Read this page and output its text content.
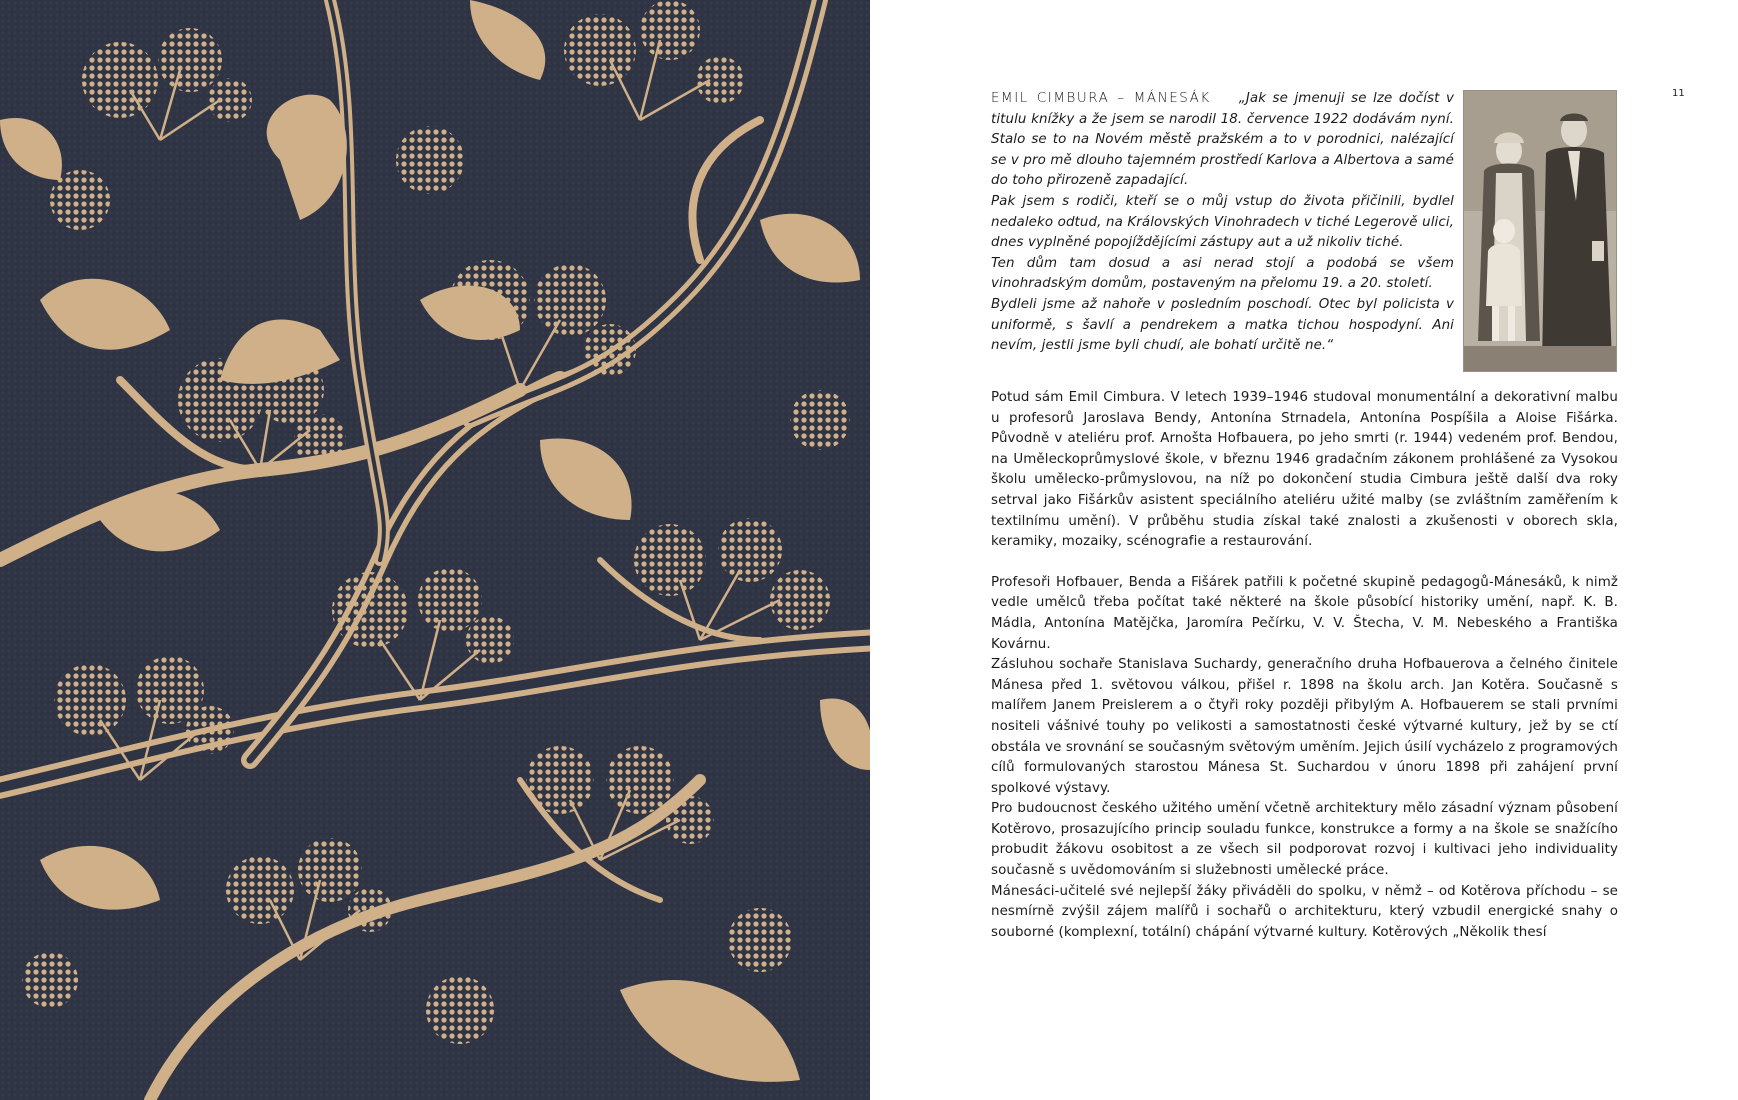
11

EMIL CIMBURA – MÁNESÁK „Jak se jmenuji se lze dočíst v titulu knížky a že jsem se narodil 18. července 1922 dodávám nyní. Stalo se to na Novém městě pražském a to v porodnici, nalézající se v pro mě dlouho tajemném prostředí Karlova a Albertova a samé do toho přirozeně zapadající.

Pak jsem s rodiči, kteří se o můj vstup do života přičinili, bydlel nedaleko odtud, na Královských Vinohradech v tiché Legerově ulici, dnes vyplněné popojíždějícími zástupy aut a už nikoliv tiché.

Ten dům tam dosud a asi nerad stojí a podobá se všem vinohradským domům, postaveným na přelomu 19. a 20. století.

Bydleli jsme až nahoře v posledním poschodí. Otec byl policista v uniformě, s šavlí a pendrekem a matka tichou hospodyní. Ani nevím, jestli jsme byli chudí, ale bohatí určitě ne.“

Potud sám Emil Cimbura. V letech 1939–1946 studoval monumentální a dekorativní malbu u profesorů Jaroslava Bendy, Antonína Strnadela, Antonína Pospíšila a Aloise Fišárka. Původně v ateliéru prof. Arnošta Hofbauera, po jeho smrti (r. 1944) vedeném prof. Bendou, na Uměleckoprůmyslové škole, v březnu 1946 gradačním zákonem prohlášené za Vysokou školu umělecko-průmyslovou, na níž po dokončení studia Cimbura ještě další dva roky setrval jako Fišárkův asistent speciálního ateliéru užité malby (se zvláštním zaměřením k textilnímu umění). V průběhu studia získal také znalosti a zkušenosti v oborech skla, keramiky, mozaiky, scénografie a restaurování.

Profesoři Hofbauer, Benda a Fišárek patřili k početné skupině pedagogů-Mánesáků, k nimž vedle umělců třeba počítat také některé na škole působící historiky umění, např. K. B. Mádla, Antonína Matějčka, Jaromíra Pečírku, V. V. Štecha, V. M. Nebeského a Františka Kovárnu.

Zásluhou sochaře Stanislava Suchardy, generačního druha Hofbauerova a čelného činitele Mánesa před 1. světovou válkou, přišel r. 1898 na školu arch. Jan Kotěra. Současně s malířem Janem Preislerem a o čtyři roky později přibylým A. Hofbauerem se stali prvními nositeli vášnivé touhy po velikosti a samostatnosti české výtvarné kultury, jež by se ctí obstála ve srovnání se současným světovým uměním. Jejich úsilí vycházelo z programových cílů formulovaných starostou Mánesa St. Suchardou v únoru 1898 při zahájení první spolkové výstavy.

Pro budoucnost českého užitého umění včetně architektury mělo zásadní význam působení Kotěrovo, prosazujícího princip souladu funkce, konstrukce a formy a na škole se snažícího probudit žákovu osobitost a ze všech sil podporovat rozvoj i kultivaci jeho individuality současně s uvědomováním si služebnosti umělecké práce.

Mánesáci-učitelé své nejlepší žáky přiváděli do spolku, v němž – od Kotěrova příchodu – se nesmírně zvýšil zájem malířů i sochařů o architekturu, který vzbudil energické snahy o souborné (komplexní, totální) chápání výtvarné kultury. Kotěrových „Několik thesí
